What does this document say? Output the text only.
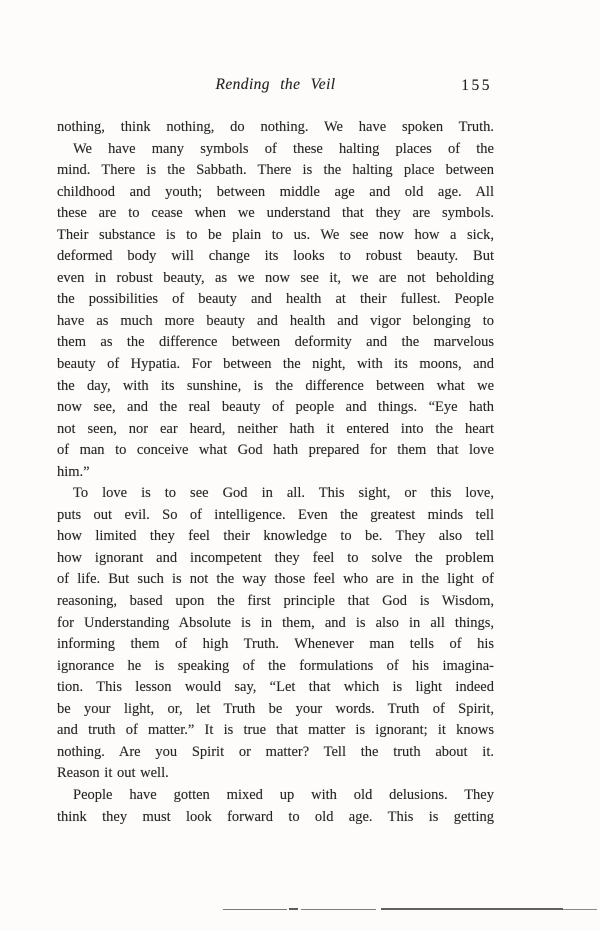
Rending the Veil	155
nothing, think nothing, do nothing. We have spoken Truth.
We have many symbols of these halting places of the
mind. There is the Sabbath. There is the halting place between
childhood and youth; between middle age and old age. All
these are to cease when we understand that they are symbols.
Their substance is to be plain to us. We see now how a sick,
deformed body will change its looks to robust beauty. But
even in robust beauty, as we now see it, we are not beholding
the possibilities of beauty and health at their fullest. People
have as much more beauty and health and vigor belonging to
them as the difference between deformity and the marvelous
beauty of Hypatia. For between the night, with its moons, and
the day, with its sunshine, is the difference between what we
now see, and the real beauty of people and things. “Eye hath
not seen, nor ear heard, neither hath it entered into the heart
of man to conceive what God hath prepared for them that love
him.”
To love is to see God in all. This sight, or this love,
puts out evil. So of intelligence. Even the greatest minds tell
how limited they feel their knowledge to be. They also tell
how ignorant and incompetent they feel to solve the problem
of life. But such is not the way those feel who are in the light of
reasoning, based upon the first principle that God is Wisdom,
for Understanding Absolute is in them, and is also in all things,
informing them of high Truth. Whenever man tells of his
ignorance he is speaking of the formulations of his imagina-
tion. This lesson would say, “Let that which is light indeed
be your light, or, let Truth be your words. Truth of Spirit,
and truth of matter.” It is true that matter is ignorant; it knows
nothing. Are you Spirit or matter? Tell the truth about it.
Reason it out well.
People have gotten mixed up with old delusions. They
think they must look forward to old age. This is getting
